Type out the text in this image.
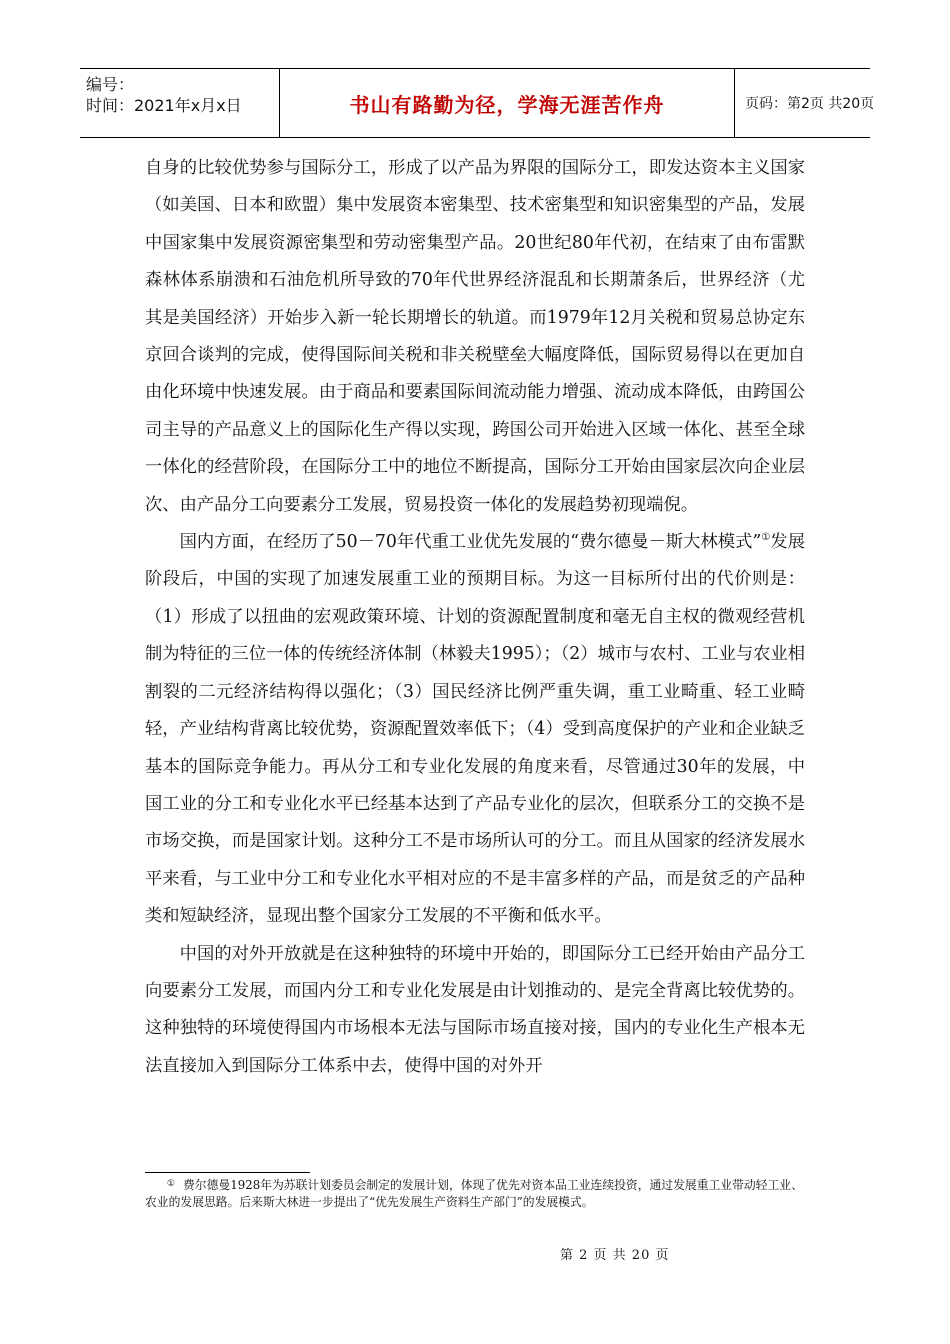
编号：
时间：2021年x月x日	书山有路勤为径，学海无涯苦作舟	页码：第2页 共20页

自身的比较优势参与国际分工，形成了以产品为界限的国际分工，即发达资本主义国家（如美国、日本和欧盟）集中发展资本密集型、技术密集型和知识密集型的产品，发展中国家集中发展资源密集型和劳动密集型产品。20世纪80年代初，在结束了由布雷默森林体系崩溃和石油危机所导致的70年代世界经济混乱和长期萧条后，世界经济（尤其是美国经济）开始步入新一轮长期增长的轨道。而1979年12月关税和贸易总协定东京回合谈判的完成，使得国际间关税和非关税壁垒大幅度降低，国际贸易得以在更加自由化环境中快速发展。由于商品和要素国际间流动能力增强、流动成本降低，由跨国公司主导的产品意义上的国际化生产得以实现，跨国公司开始进入区域一体化、甚至全球一体化的经营阶段，在国际分工中的地位不断提高，国际分工开始由国家层次向企业层次、由产品分工向要素分工发展，贸易投资一体化的发展趋势初现端倪。

国内方面，在经历了50－70年代重工业优先发展的“费尔德曼－斯大林模式”①发展阶段后，中国的实现了加速发展重工业的预期目标。为这一目标所付出的代价则是：（1）形成了以扭曲的宏观政策环境、计划的资源配置制度和毫无自主权的微观经营机制为特征的三位一体的传统经济体制（林毅夫1995）；（2）城市与农村、工业与农业相割裂的二元经济结构得以强化；（3）国民经济比例严重失调，重工业畸重、轻工业畸轻，产业结构背离比较优势，资源配置效率低下；（4）受到高度保护的产业和企业缺乏基本的国际竞争能力。再从分工和专业化发展的角度来看，尽管通过30年的发展，中国工业的分工和专业化水平已经基本达到了产品专业化的层次，但联系分工的交换不是市场交换，而是国家计划。这种分工不是市场所认可的分工。而且从国家的经济发展水平来看，与工业中分工和专业化水平相对应的不是丰富多样的产品，而是贫乏的产品种类和短缺经济，显现出整个国家分工发展的不平衡和低水平。

中国的对外开放就是在这种独特的环境中开始的，即国际分工已经开始由产品分工向要素分工发展，而国内分工和专业化发展是由计划推动的、是完全背离比较优势的。这种独特的环境使得国内市场根本无法与国际市场直接对接，国内的专业化生产根本无法直接加入到国际分工体系中去，使得中国的对外开

① 费尔德曼1928年为苏联计划委员会制定的发展计划，体现了优先对资本品工业连续投资，通过发展重工业带动轻工业、农业的发展思路。后来斯大林进一步提出了“优先发展生产资料生产部门”的发展模式。
第 2 页 共 20 页
